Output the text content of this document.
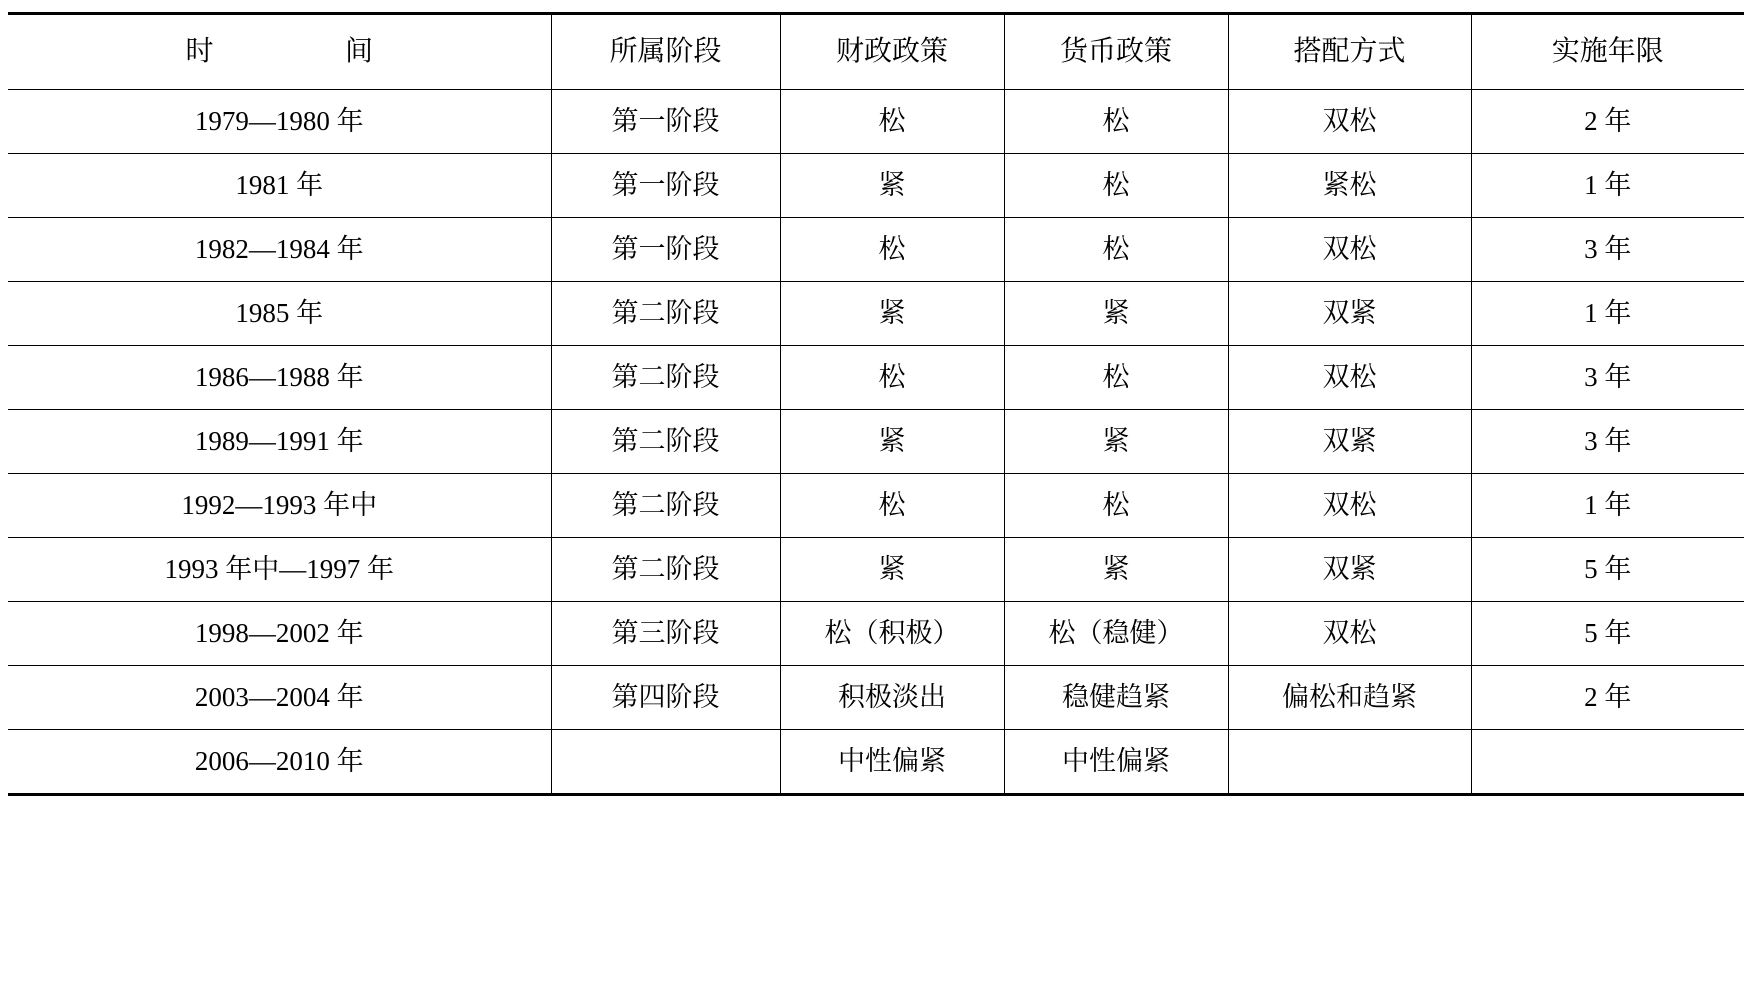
时　　间	所属阶段	财政政策	货币政策	搭配方式	实施年限
1979—1980 年	第一阶段	松	松	双松	2 年
1981 年	第一阶段	紧	松	紧松	1 年
1982—1984 年	第一阶段	松	松	双松	3 年
1985 年	第二阶段	紧	紧	双紧	1 年
1986—1988 年	第二阶段	松	松	双松	3 年
1989—1991 年	第二阶段	紧	紧	双紧	3 年
1992—1993 年中	第二阶段	松	松	双松	1 年
1993 年中—1997 年	第二阶段	紧	紧	双紧	5 年
1998—2002 年	第三阶段	松（积极）	松（稳健）	双松	5 年
2003—2004 年	第四阶段	积极淡出	稳健趋紧	偏松和趋紧	2 年
2006—2010 年		中性偏紧	中性偏紧		
